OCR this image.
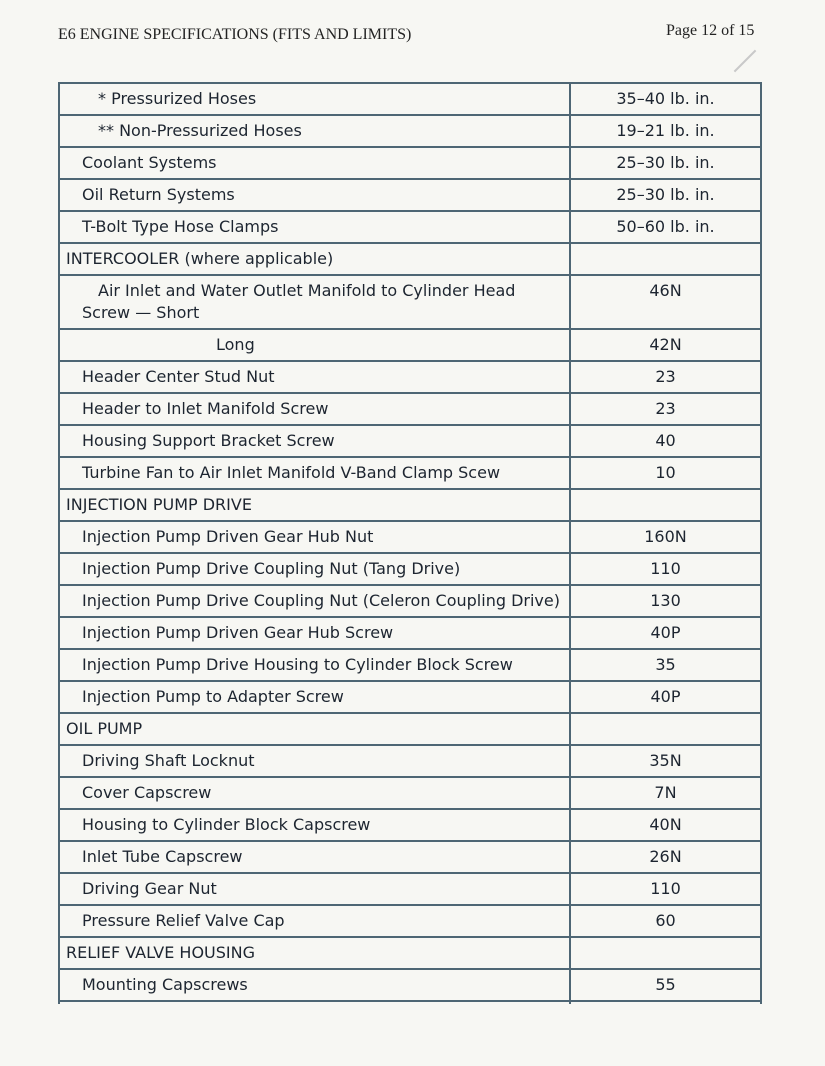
E6 ENGINE SPECIFICATIONS (FITS AND LIMITS)	Page 12 of 15
* Pressurized Hoses	35–40 lb. in.
** Non-Pressurized Hoses	19–21 lb. in.
Coolant Systems	25–30 lb. in.
Oil Return Systems	25–30 lb. in.
T-Bolt Type Hose Clamps	50–60 lb. in.
INTERCOOLER (where applicable)	
Air Inlet and Water Outlet Manifold to Cylinder Head Screw — Short	46N
Long	42N
Header Center Stud Nut	23
Header to Inlet Manifold Screw	23
Housing Support Bracket Screw	40
Turbine Fan to Air Inlet Manifold V-Band Clamp Scew	10
INJECTION PUMP DRIVE	
Injection Pump Driven Gear Hub Nut	160N
Injection Pump Drive Coupling Nut (Tang Drive)	110
Injection Pump Drive Coupling Nut (Celeron Coupling Drive)	130
Injection Pump Driven Gear Hub Screw	40P
Injection Pump Drive Housing to Cylinder Block Screw	35
Injection Pump to Adapter Screw	40P
OIL PUMP	
Driving Shaft Locknut	35N
Cover Capscrew	7N
Housing to Cylinder Block Capscrew	40N
Inlet Tube Capscrew	26N
Driving Gear Nut	110
Pressure Relief Valve Cap	60
RELIEF VALVE HOUSING	
Mounting Capscrews	55
